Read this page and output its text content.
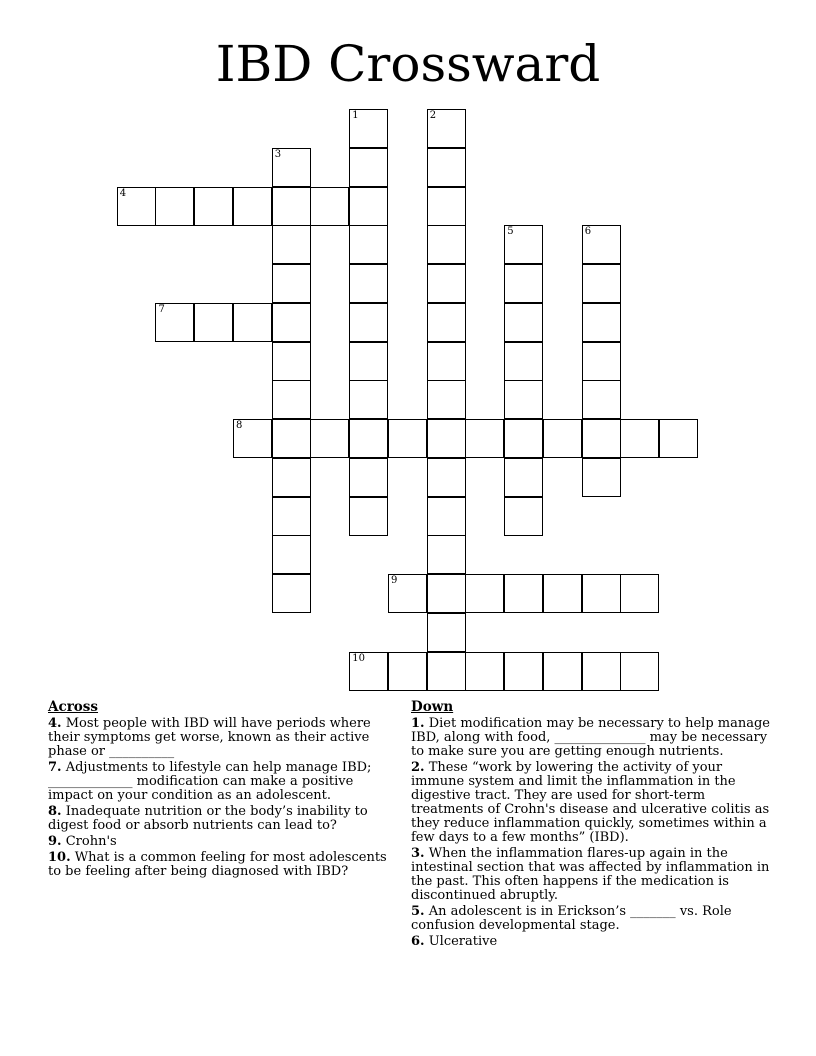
IBD Crossward
1	2
3
4
5	6
7
8
9
10
Across
4. Most people with IBD will have periods where their symptoms get worse, known as their active phase or __________
7. Adjustments to lifestyle can help manage IBD; _____________ modification can make a positive impact on your condition as an adolescent.
8. Inadequate nutrition or the body’s inability to digest food or absorb nutrients can lead to?
9. Crohn's
10. What is a common feeling for most adolescents to be feeling after being diagnosed with IBD?
Down
1. Diet modification may be necessary to help manage IBD, along with food, ______________ may be necessary to make sure you are getting enough nutrients.
2. These “work by lowering the activity of your immune system and limit the inflammation in the digestive tract. They are used for short-term treatments of Crohn's disease and ulcerative colitis as they reduce inflammation quickly, sometimes within a few days to a few months” (IBD).
3. When the inflammation flares-up again in the intestinal section that was affected by inflammation in the past. This often happens if the medication is discontinued abruptly.
5. An adolescent is in Erickson’s _______ vs. Role confusion developmental stage.
6. Ulcerative
